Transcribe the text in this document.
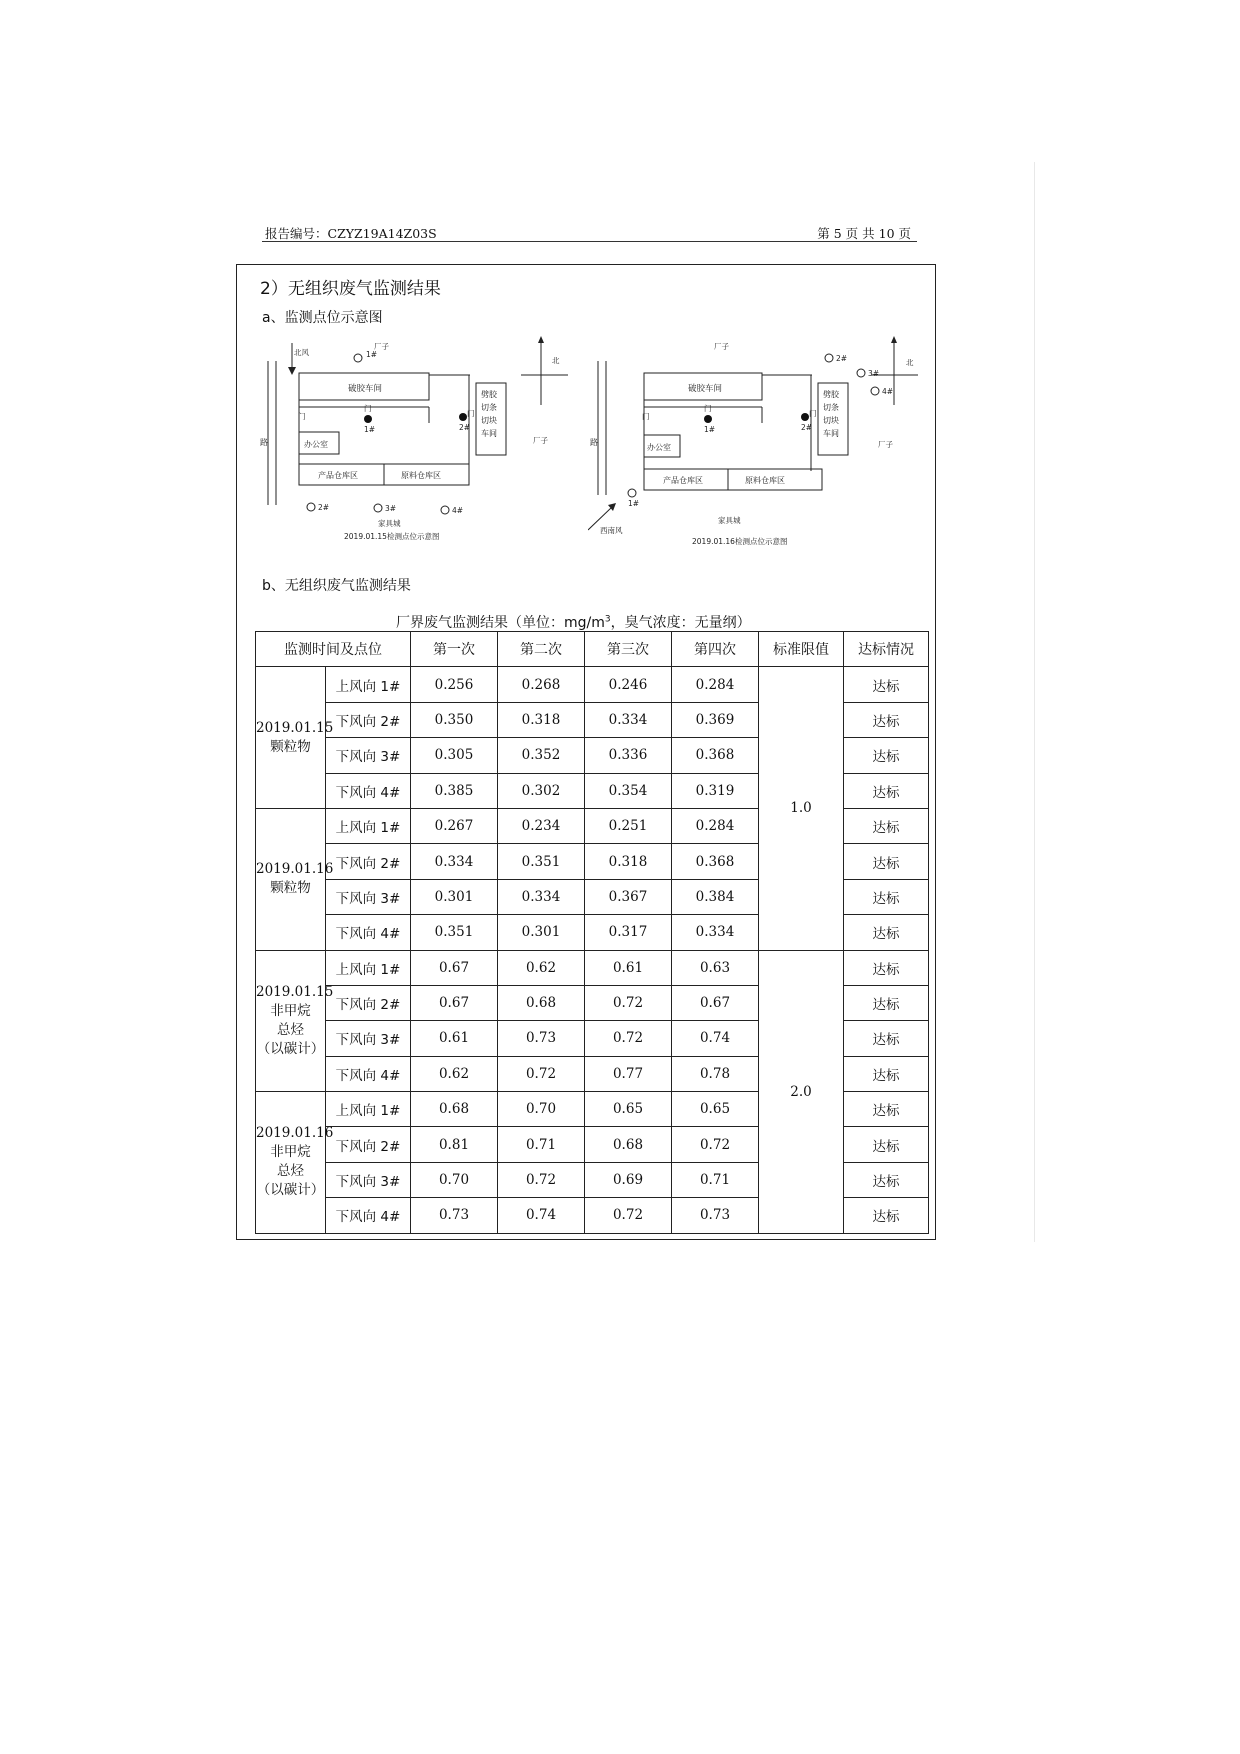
报告编号：CZYZ19A14Z03S	第 5 页 共 10 页
2）无组织废气监测结果
a、监测点位示意图
路
北风	1#
厂子
破胶车间
劈胶
切条
切块
车间
门
门
门
1#	2#
办公室
产品仓库区	原料仓库区
2#	3#	4#
家具城
2019.01.15检测点位示意图
北
厂子	路
厂子
破胶车间
劈胶
切条
切块
车间
门
门
门
1#	2#
办公室
产品仓库区	原料仓库区
1#
西南风
家具城
2019.01.16检测点位示意图
2#
3#
4#
北
厂子
b、无组织废气监测结果
厂界废气监测结果（单位：$mg/m^3$，臭气浓度：无量纲）
监测时间及点位		第一次	第二次	第三次	第四次	标准限值	达标情况

2019.01.15
颗粒物	上风向 1#	0.256	0.268	0.246	0.284	1.0	达标
	下风向 2#	0.350	0.318	0.334	0.369		达标
	下风向 3#	0.305	0.352	0.336	0.368		达标
	下风向 4#	0.385	0.302	0.354	0.319		达标

2019.01.16
颗粒物	上风向 1#	0.267	0.234	0.251	0.284		达标
	下风向 2#	0.334	0.351	0.318	0.368		达标
	下风向 3#	0.301	0.334	0.367	0.384		达标
	下风向 4#	0.351	0.301	0.317	0.334		达标

2019.01.15
非甲烷
总烃
（以碳计）	上风向 1#	0.67	0.62	0.61	0.63	2.0	达标
	下风向 2#	0.67	0.68	0.72	0.67		达标
	下风向 3#	0.61	0.73	0.72	0.74		达标
	下风向 4#	0.62	0.72	0.77	0.78		达标

2019.01.16
非甲烷
总烃
（以碳计）	上风向 1#	0.68	0.70	0.65	0.65		达标
	下风向 2#	0.81	0.71	0.68	0.72		达标
	下风向 3#	0.70	0.72	0.69	0.71		达标
	下风向 4#	0.73	0.74	0.72	0.73		达标
